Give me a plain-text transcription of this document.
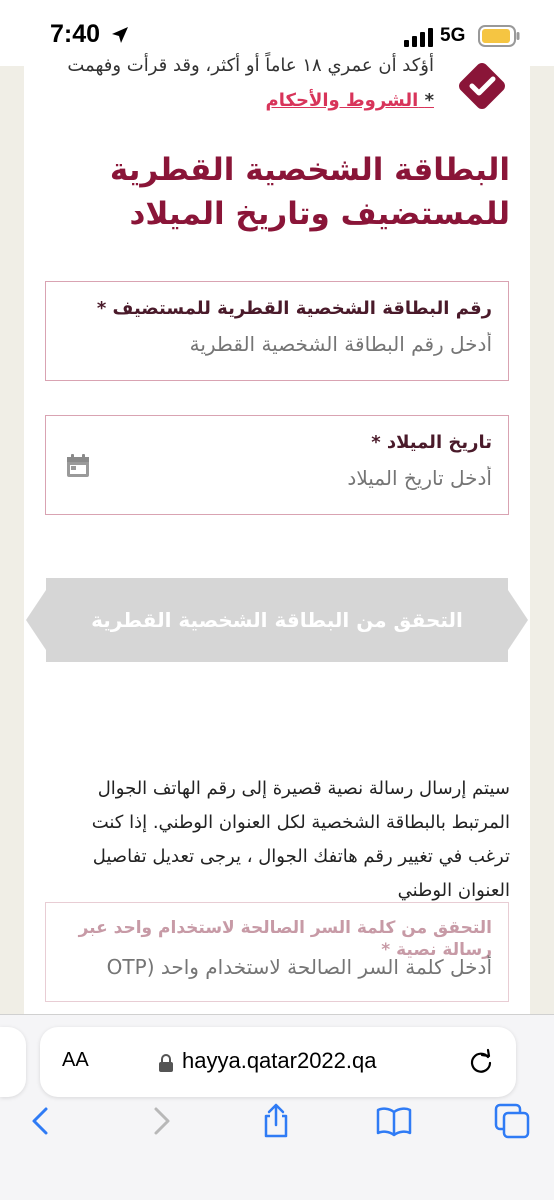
7:40	5G
أؤكد أن عمري ١٨ عاماً أو أكثر، وقد قرأت وفهمت
* الشروط والأحكام
البطاقة الشخصية القطرية للمستضيف وتاريخ الميلاد
رقم البطاقة الشخصية القطرية للمستضيف *
أدخل رقم البطاقة الشخصية القطرية
تاريخ الميلاد *
أدخل تاريخ الميلاد
التحقق من البطاقة الشخصية القطرية
سيتم إرسال رسالة نصية قصيرة إلى رقم الهاتف الجوال المرتبط بالبطاقة الشخصية لكل العنوان الوطني. إذا كنت ترغب في تغيير رقم هاتفك الجوال ، يرجى تعديل تفاصيل العنوان الوطني
التحقق من كلمة السر الصالحة لاستخدام واحد عبر رسالة نصية *
أدخل كلمة السر الصالحة لاستخدام واحد (OTP
AA	hayya.qatar2022.qa
